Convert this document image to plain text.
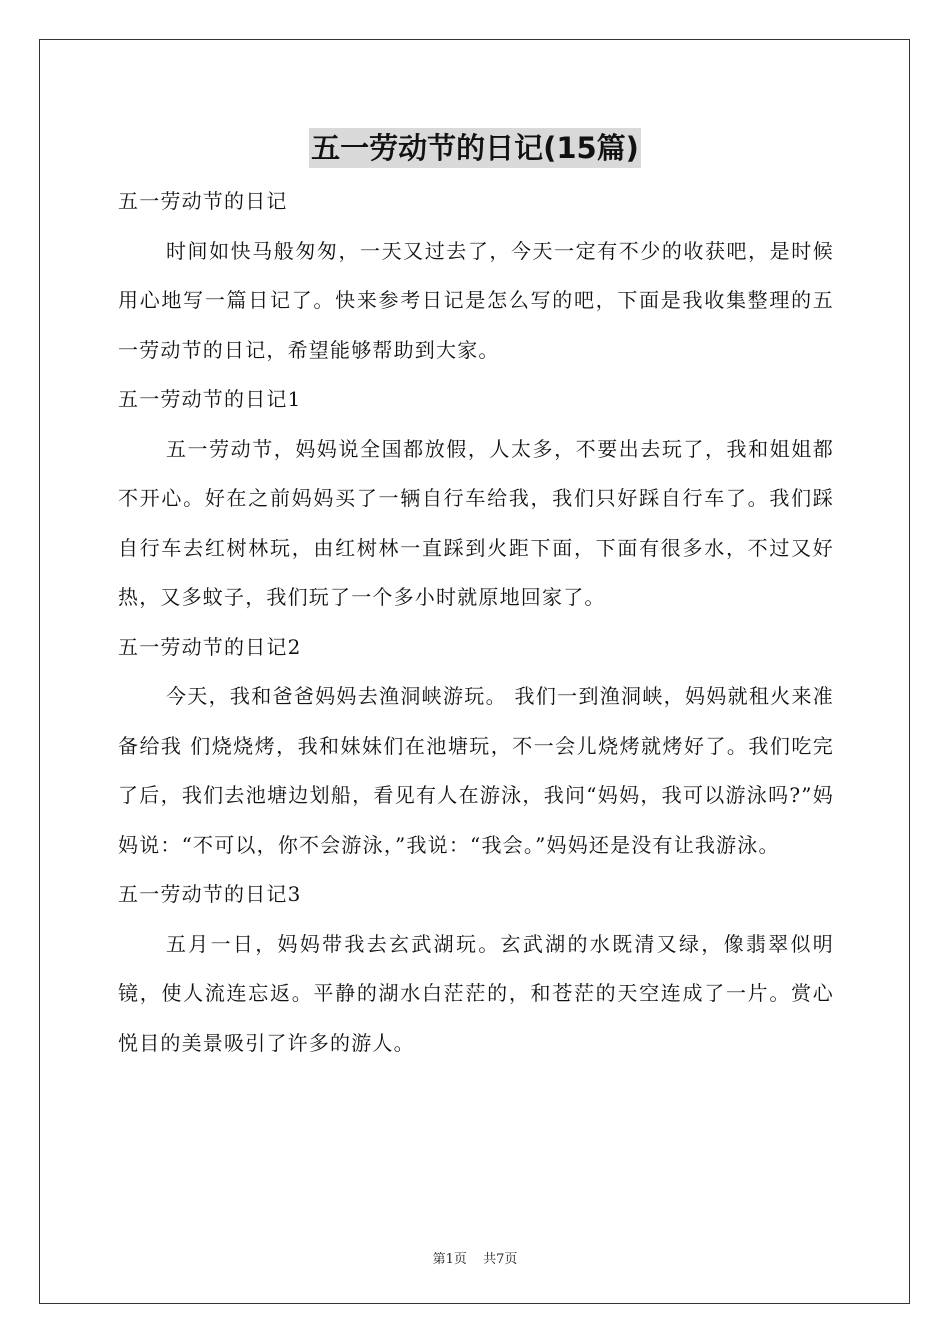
五一劳动节的日记(15篇)

五一劳动节的日记

时间如快马般匆匆，一天又过去了，今天一定有不少的收获吧，是时候用心地写一篇日记了。快来参考日记是怎么写的吧，下面是我收集整理的五一劳动节的日记，希望能够帮助到大家。

五一劳动节的日记1

五一劳动节，妈妈说全国都放假，人太多，不要出去玩了，我和姐姐都不开心。好在之前妈妈买了一辆自行车给我，我们只好踩自行车了。我们踩自行车去红树林玩，由红树林一直踩到火距下面，下面有很多水，不过又好热，又多蚊子，我们玩了一个多小时就原地回家了。

五一劳动节的日记2

今天，我和爸爸妈妈去渔洞峡游玩。 我们一到渔洞峡，妈妈就租火来准备给我 们烧烧烤，我和妹妹们在池塘玩，不一会儿烧烤就烤好了。我们吃完了后，我们去池塘边划船，看见有人在游泳，我问“妈妈，我可以游泳吗?”妈妈说：“不可以，你不会游泳，”我说：“我会。”妈妈还是没有让我游泳。

五一劳动节的日记3

五月一日，妈妈带我去玄武湖玩。玄武湖的水既清又绿，像翡翠似明镜，使人流连忘返。平静的湖水白茫茫的，和苍茫的天空连成了一片。赏心悦目的美景吸引了许多的游人。

第1页 共7页
